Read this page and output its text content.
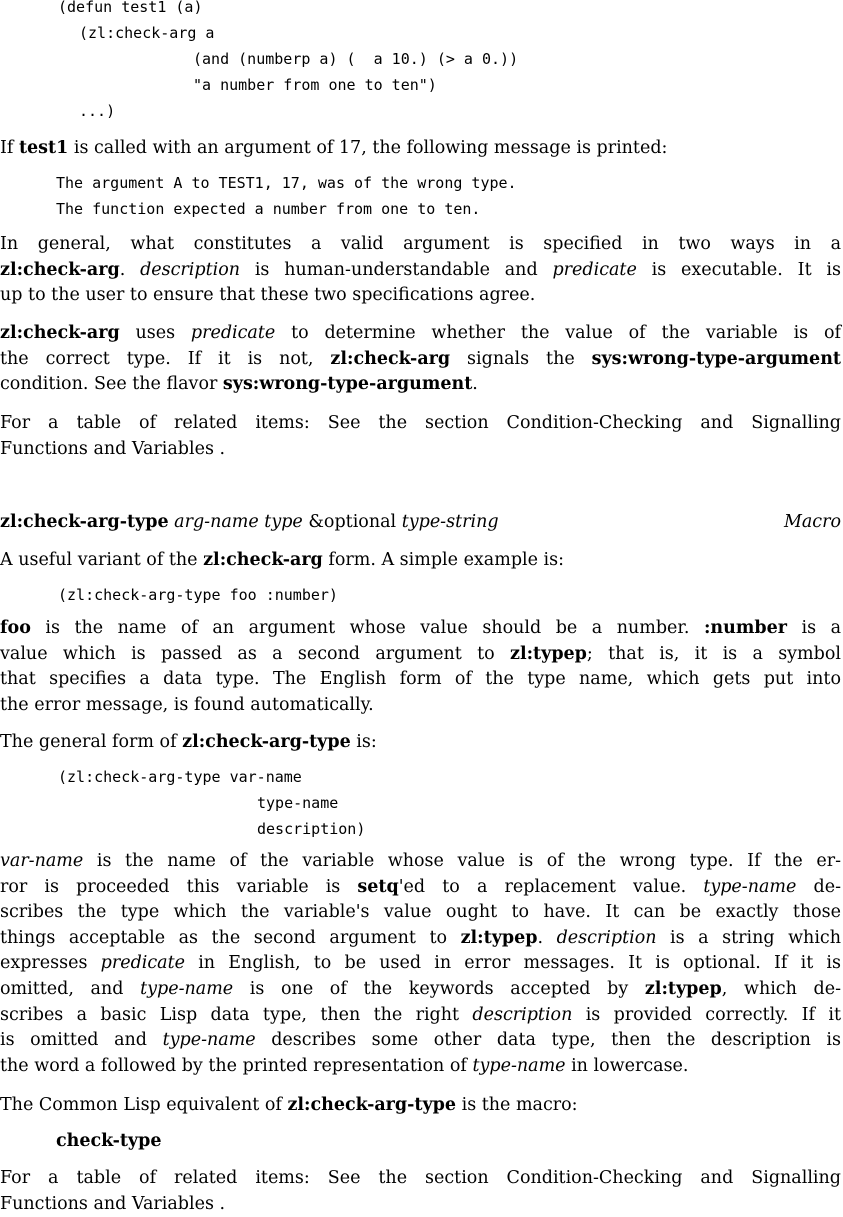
(defun test1 (a)
(zl:check-arg a
(and (numberp a) (  a 10.) (> a 0.))
"a number from one to ten")
...)

If test1 is called with an argument of 17, the following message is printed:

The argument A to TEST1, 17, was of the wrong type.
The function expected a number from one to ten.

In general, what constitutes a valid argument is specified in two ways in a
zl:check-arg. description is human-understandable and predicate is executable. It is
up to the user to ensure that these two specifications agree.

zl:check-arg uses predicate to determine whether the value of the variable is of
the correct type. If it is not, zl:check-arg signals the sys:wrong-type-argument
condition. See the flavor sys:wrong-type-argument.

For a table of related items: See the section Condition-Checking and Signalling
Functions and Variables .

zl:check-arg-type arg-name type &optional type-string	Macro

A useful variant of the zl:check-arg form. A simple example is:

(zl:check-arg-type foo :number)

foo is the name of an argument whose value should be a number. :number is a
value which is passed as a second argument to zl:typep; that is, it is a symbol
that specifies a data type. The English form of the type name, which gets put into
the error message, is found automatically.

The general form of zl:check-arg-type is:

(zl:check-arg-type var-name
type-name
description)

var-name is the name of the variable whose value is of the wrong type. If the er-
ror is proceeded this variable is setq'ed to a replacement value. type-name de-
scribes the type which the variable's value ought to have. It can be exactly those
things acceptable as the second argument to zl:typep. description is a string which
expresses predicate in English, to be used in error messages. It is optional. If it is
omitted, and type-name is one of the keywords accepted by zl:typep, which de-
scribes a basic Lisp data type, then the right description is provided correctly. If it
is omitted and type-name describes some other data type, then the description is
the word a followed by the printed representation of type-name in lowercase.

The Common Lisp equivalent of zl:check-arg-type is the macro:

check-type

For a table of related items: See the section Condition-Checking and Signalling
Functions and Variables .
